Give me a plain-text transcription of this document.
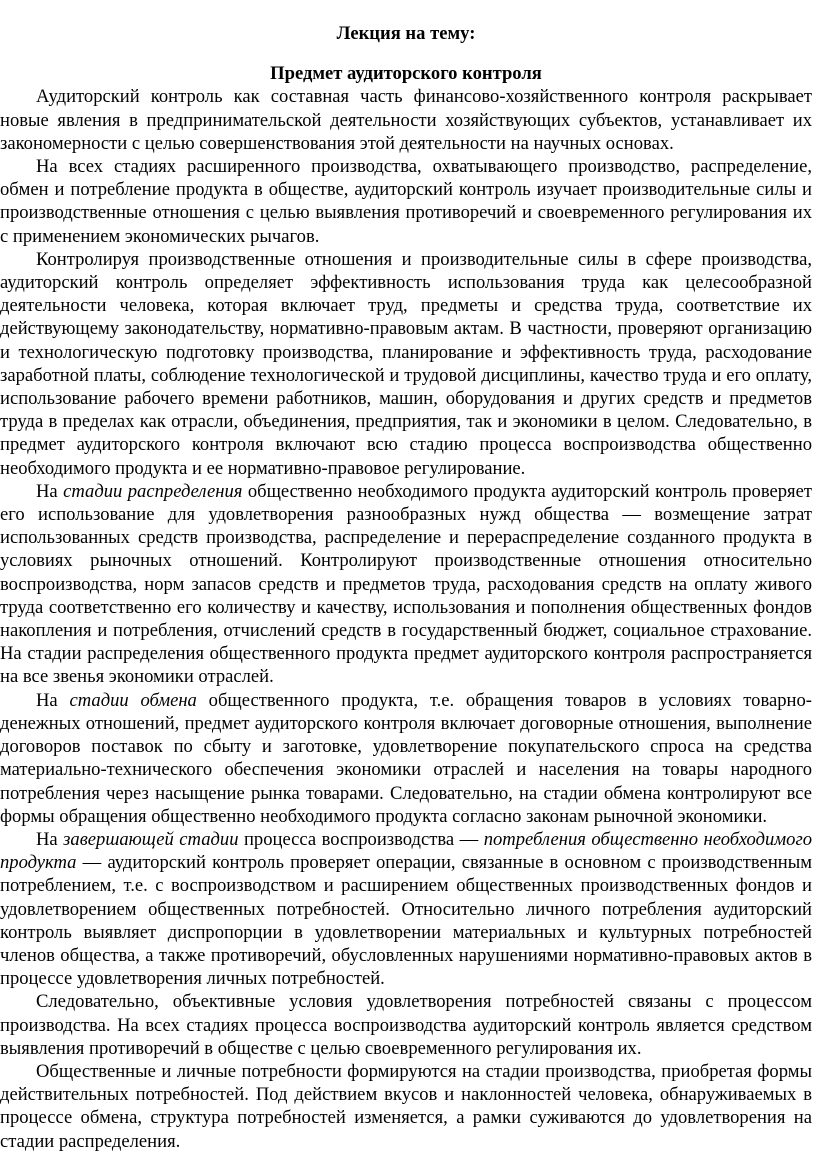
Лекция на тему:

Предмет аудиторского контроля

Аудиторский контроль как составная часть финансово-хозяйственного контроля раскрывает новые явления в предпринимательской деятельности хозяйствующих субъектов, устанавливает их закономерности с целью совершенствования этой деятельности на научных основах.

На всех стадиях расширенного производства, охватывающего производство, распределение, обмен и потребление продукта в обществе, аудиторский контроль изучает производительные силы и производственные отношения с целью выявления противоречий и своевременного регулирования их с применением экономических рычагов.

Контролируя производственные отношения и производительные силы в сфере производства, аудиторский контроль определяет эффективность использования труда как целесообразной деятельности человека, которая включает труд, предметы и средства труда, соответствие их действующему законодательству, нормативно-правовым актам. В частности, проверяют организацию и технологическую подготовку производства, планирование и эффективность труда, расходование заработной платы, соблюдение технологической и трудовой дисциплины, качество труда и его оплату, использование рабочего времени работников, машин, оборудования и других средств и предметов труда в пределах как отрасли, объединения, предприятия, так и экономики в целом. Следовательно, в предмет аудиторского контроля включают всю стадию процесса воспроизводства общественно необходимого продукта и ее нормативно-правовое регулирование.

На стадии распределения общественно необходимого продукта аудиторский контроль проверяет его использование для удовлетворения разнообразных нужд общества — возмещение затрат использованных средств производства, распределение и перераспределение созданного продукта в условиях рыночных отношений. Контролируют производственные отношения относительно воспроизводства, норм запасов средств и предметов труда, расходования средств на оплату живого труда соответственно его количеству и качеству, использования и пополнения общественных фондов накопления и потребления, отчислений средств в государственный бюджет, социальное страхование. На стадии распределения общественного продукта предмет аудиторского контроля распространяется на все звенья экономики отраслей.

На стадии обмена общественного продукта, т.е. обращения товаров в условиях товарно-денежных отношений, предмет аудиторского контроля включает договорные отношения, выполнение договоров поставок по сбыту и заготовке, удовлетворение покупательского спроса на средства материально-технического обеспечения экономики отраслей и населения на товары народного потребления через насыщение рынка товарами. Следовательно, на стадии обмена контролируют все формы обращения общественно необходимого продукта согласно законам рыночной экономики.

На завершающей стадии процесса воспроизводства — потребления общественно необходимого продукта — аудиторский контроль проверяет операции, связанные в основном с производственным потреблением, т.е. с воспроизводством и расширением общественных производственных фондов и удовлетворением общественных потребностей. Относительно личного потребления аудиторский контроль выявляет диспропорции в удовлетворении материальных и культурных потребностей членов общества, а также противоречий, обусловленных нарушениями нормативно-правовых актов в процессе удовлетворения личных потребностей.

Следовательно, объективные условия удовлетворения потребностей связаны с процессом производства. На всех стадиях процесса воспроизводства аудиторский контроль является средством выявления противоречий в обществе с целью своевременного регулирования их.

Общественные и личные потребности формируются на стадии производства, приобретая формы действительных потребностей. Под действием вкусов и наклонностей человека, обнаруживаемых в процессе обмена, структура потребностей изменяется, а рамки суживаются до удовлетворения на стадии распределения.
